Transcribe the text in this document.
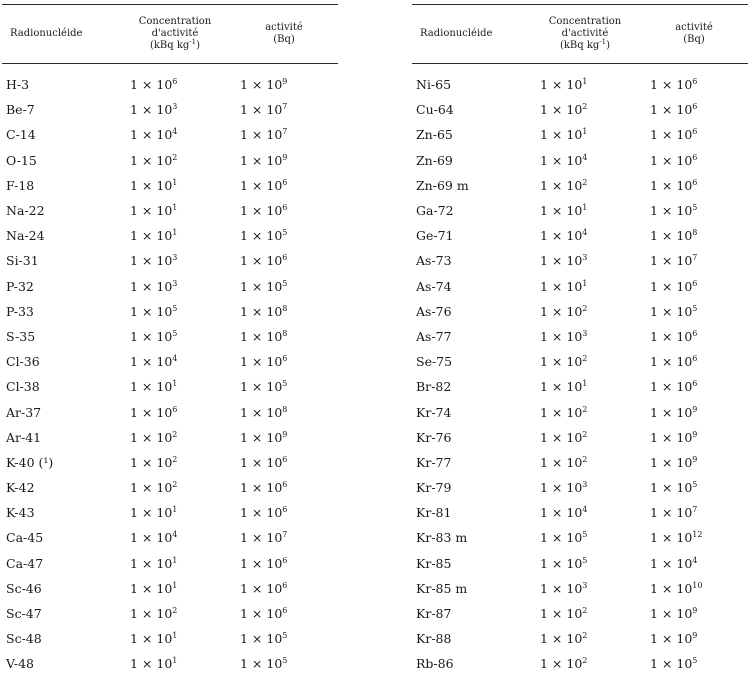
Radionucléide	Concentration
d'activité
(kBq $kg^{-1}$)	activité
(Bq)

H-3	$1 \times 10^6$	$1 \times 10^9$
Be-7	$1 \times 10^3$	$1 \times 10^7$
C-14	$1 \times 10^4$	$1 \times 10^7$
O-15	$1 \times 10^2$	$1 \times 10^9$
F-18	$1 \times 10^1$	$1 \times 10^6$
Na-22	$1 \times 10^1$	$1 \times 10^6$
Na-24	$1 \times 10^1$	$1 \times 10^5$
Si-31	$1 \times 10^3$	$1 \times 10^6$
P-32	$1 \times 10^3$	$1 \times 10^5$
P-33	$1 \times 10^5$	$1 \times 10^8$
S-35	$1 \times 10^5$	$1 \times 10^8$
Cl-36	$1 \times 10^4$	$1 \times 10^6$
Cl-38	$1 \times 10^1$	$1 \times 10^5$
Ar-37	$1 \times 10^6$	$1 \times 10^8$
Ar-41	$1 \times 10^2$	$1 \times 10^9$
K-40 (¹)	$1 \times 10^2$	$1 \times 10^6$
K-42	$1 \times 10^2$	$1 \times 10^6$
K-43	$1 \times 10^1$	$1 \times 10^6$
Ca-45	$1 \times 10^4$	$1 \times 10^7$
Ca-47	$1 \times 10^1$	$1 \times 10^6$
Sc-46	$1 \times 10^1$	$1 \times 10^6$
Sc-47	$1 \times 10^2$	$1 \times 10^6$
Sc-48	$1 \times 10^1$	$1 \times 10^5$
V-48	$1 \times 10^1$	$1 \times 10^5$
Radionucléide	Concentration
d'activité
(kBq $kg^{-1}$)	activité
(Bq)

Ni-65	$1 \times 10^1$	$1 \times 10^6$
Cu-64	$1 \times 10^2$	$1 \times 10^6$
Zn-65	$1 \times 10^1$	$1 \times 10^6$
Zn-69	$1 \times 10^4$	$1 \times 10^6$
Zn-69 m	$1 \times 10^2$	$1 \times 10^6$
Ga-72	$1 \times 10^1$	$1 \times 10^5$
Ge-71	$1 \times 10^4$	$1 \times 10^8$
As-73	$1 \times 10^3$	$1 \times 10^7$
As-74	$1 \times 10^1$	$1 \times 10^6$
As-76	$1 \times 10^2$	$1 \times 10^5$
As-77	$1 \times 10^3$	$1 \times 10^6$
Se-75	$1 \times 10^2$	$1 \times 10^6$
Br-82	$1 \times 10^1$	$1 \times 10^6$
Kr-74	$1 \times 10^2$	$1 \times 10^9$
Kr-76	$1 \times 10^2$	$1 \times 10^9$
Kr-77	$1 \times 10^2$	$1 \times 10^9$
Kr-79	$1 \times 10^3$	$1 \times 10^5$
Kr-81	$1 \times 10^4$	$1 \times 10^7$
Kr-83 m	$1 \times 10^5$	$1 \times 10^{12}$
Kr-85	$1 \times 10^5$	$1 \times 10^4$
Kr-85 m	$1 \times 10^3$	$1 \times 10^{10}$
Kr-87	$1 \times 10^2$	$1 \times 10^9$
Kr-88	$1 \times 10^2$	$1 \times 10^9$
Rb-86	$1 \times 10^2$	$1 \times 10^5$
